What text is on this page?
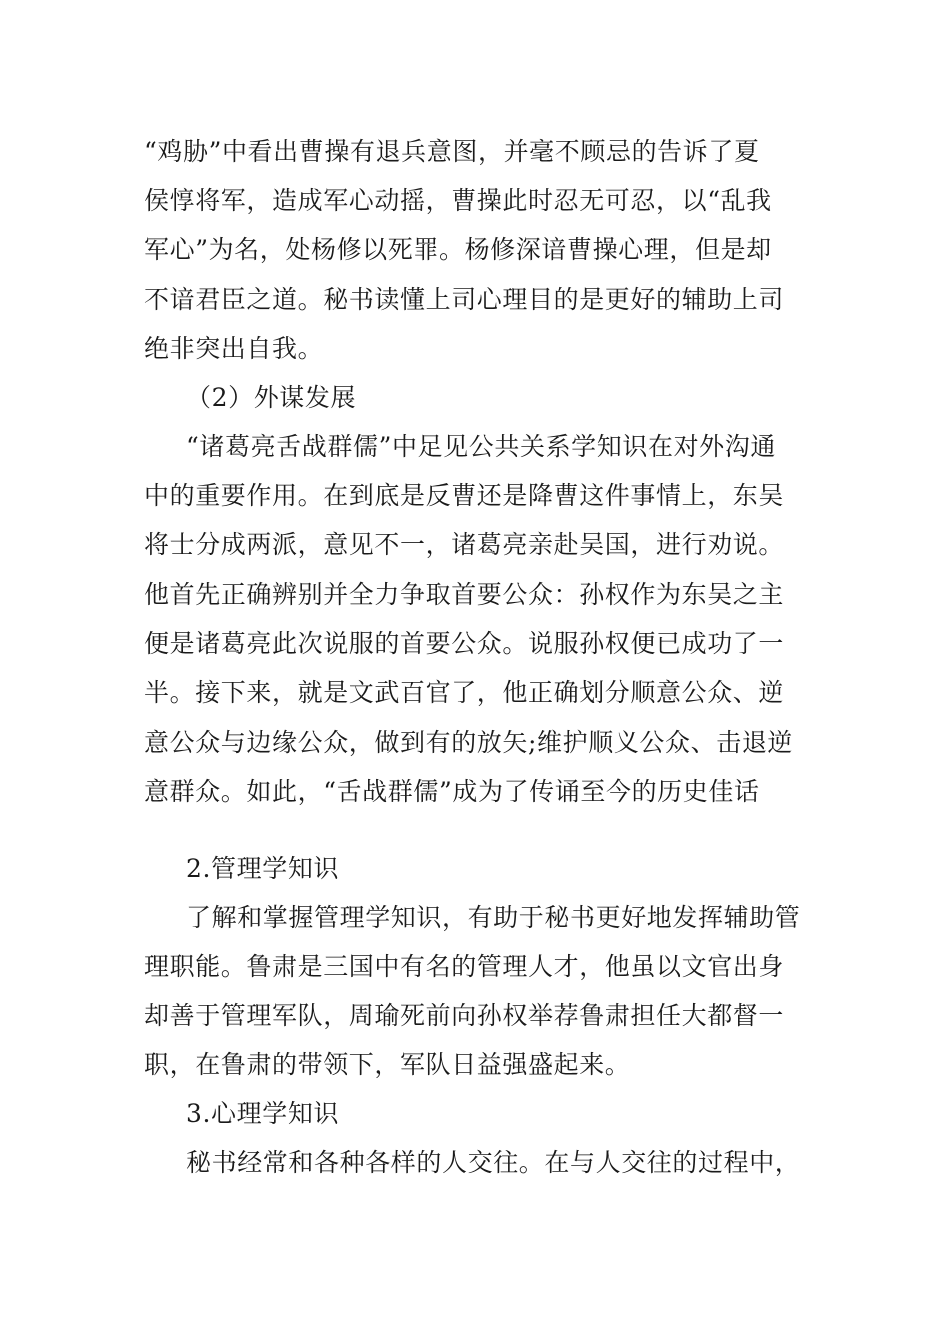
“鸡胁”中看出曹操有退兵意图，并毫不顾忌的告诉了夏
侯惇将军，造成军心动摇，曹操此时忍无可忍，以“乱我
军心”为名，处杨修以死罪。杨修深谙曹操心理，但是却
不谙君臣之道。秘书读懂上司心理目的是更好的辅助上司
绝非突出自我。
（2）外谋发展
“诸葛亮舌战群儒”中足见公共关系学知识在对外沟通
中的重要作用。在到底是反曹还是降曹这件事情上，东吴
将士分成两派，意见不一，诸葛亮亲赴吴国，进行劝说。
他首先正确辨别并全力争取首要公众：孙权作为东吴之主
便是诸葛亮此次说服的首要公众。说服孙权便已成功了一
半。接下来，就是文武百官了，他正确划分顺意公众、逆
意公众与边缘公众，做到有的放矢;维护顺义公众、击退逆
意群众。如此，“舌战群儒”成为了传诵至今的历史佳话
2.管理学知识
了解和掌握管理学知识，有助于秘书更好地发挥辅助管
理职能。鲁肃是三国中有名的管理人才，他虽以文官出身
却善于管理军队，周瑜死前向孙权举荐鲁肃担任大都督一
职，在鲁肃的带领下，军队日益强盛起来。
3.心理学知识
秘书经常和各种各样的人交往。在与人交往的过程中，
